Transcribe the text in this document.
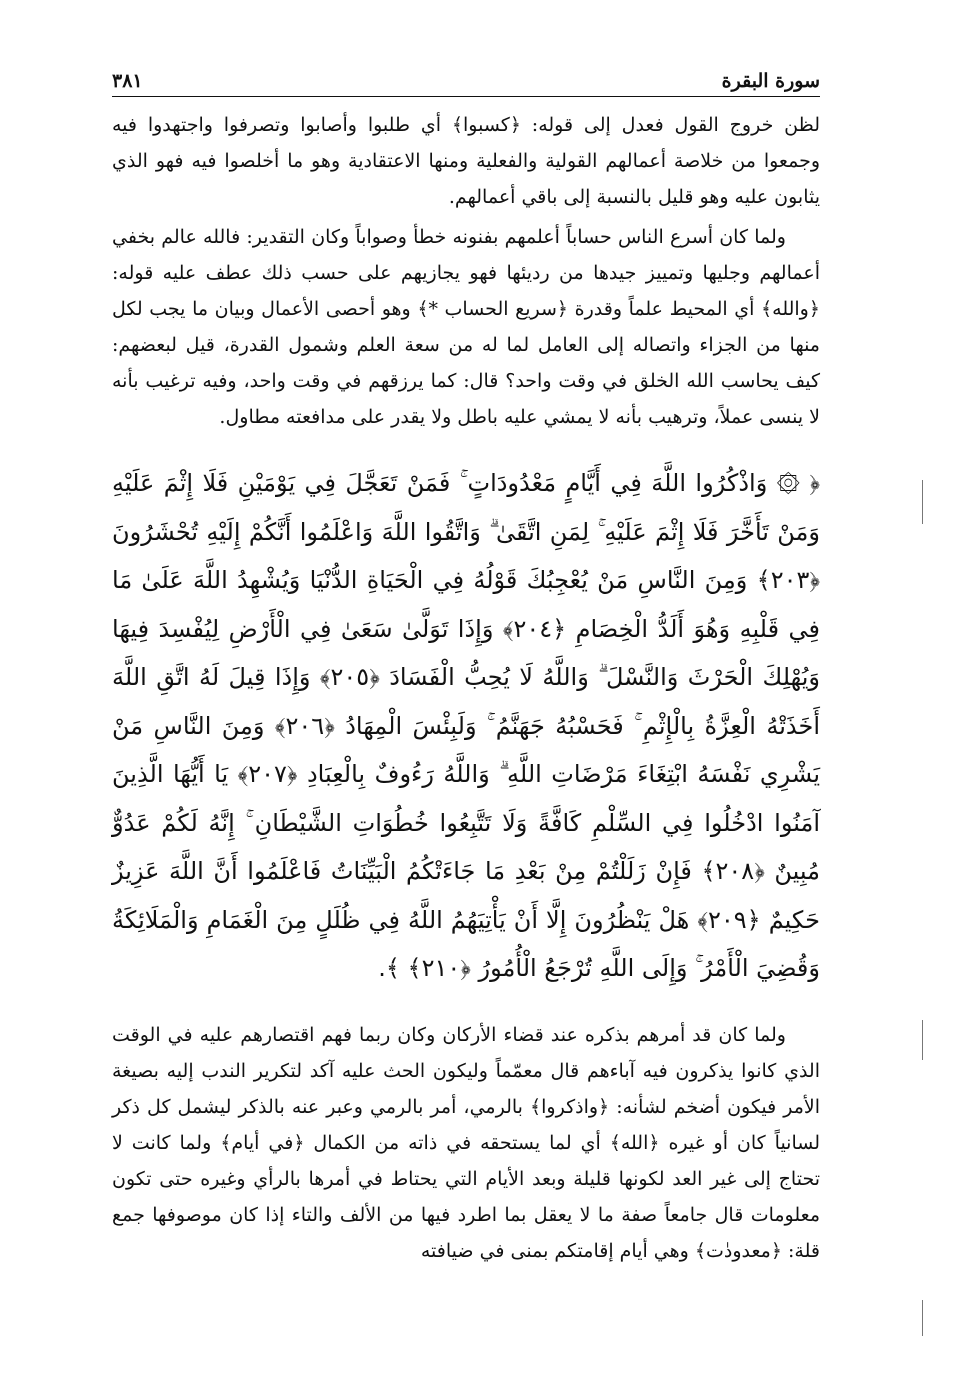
سورة البقرة
٣٨١

لظن خروج القول فعدل إلى قوله: ﴿كسبوا﴾ أي طلبوا وأصابوا وتصرفوا واجتهدوا فيه وجمعوا من خلاصة أعمالهم القولية والفعلية ومنها الاعتقادية وهو ما أخلصوا فيه فهو الذي يثابون عليه وهو قليل بالنسبة إلى باقي أعمالهم.

ولما كان أسرع الناس حساباً أعلمهم بفنونه خطأ وصواباً وكان التقدير: فالله عالم بخفي أعمالهم وجليها وتمييز جيدها من رديئها فهو يجازيهم على حسب ذلك عطف عليه قوله: ﴿والله﴾ أي المحيط علماً وقدرة ﴿سريع الحساب *﴾ وهو أحصى الأعمال وبيان ما يجب لكل منها من الجزاء واتصاله إلى العامل لما له من سعة العلم وشمول القدرة، قيل لبعضهم: كيف يحاسب الله الخلق في وقت واحد؟ قال: كما يرزقهم في وقت واحد، وفيه ترغيب بأنه لا ينسى عملاً، وترهيب بأنه لا يمشي عليه باطل ولا يقدر على مدافعته مطاول.

﴿ ۞ وَاذْكُرُوا اللَّهَ فِي أَيَّامٍ مَعْدُودَاتٍ ۚ فَمَنْ تَعَجَّلَ فِي يَوْمَيْنِ فَلَا إِثْمَ عَلَيْهِ وَمَنْ تَأَخَّرَ فَلَا إِثْمَ عَلَيْهِ ۚ لِمَنِ اتَّقَىٰ ۗ وَاتَّقُوا اللَّهَ وَاعْلَمُوا أَنَّكُمْ إِلَيْهِ تُحْشَرُونَ ﴿٢٠٣﴾ وَمِنَ النَّاسِ مَنْ يُعْجِبُكَ قَوْلُهُ فِي الْحَيَاةِ الدُّنْيَا وَيُشْهِدُ اللَّهَ عَلَىٰ مَا فِي قَلْبِهِ وَهُوَ أَلَدُّ الْخِصَامِ ﴿٢٠٤﴾ وَإِذَا تَوَلَّىٰ سَعَىٰ فِي الْأَرْضِ لِيُفْسِدَ فِيهَا وَيُهْلِكَ الْحَرْثَ وَالنَّسْلَ ۗ وَاللَّهُ لَا يُحِبُّ الْفَسَادَ ﴿٢٠٥﴾ وَإِذَا قِيلَ لَهُ اتَّقِ اللَّهَ أَخَذَتْهُ الْعِزَّةُ بِالْإِثْمِ ۚ فَحَسْبُهُ جَهَنَّمُ ۚ وَلَبِئْسَ الْمِهَادُ ﴿٢٠٦﴾ وَمِنَ النَّاسِ مَنْ يَشْرِي نَفْسَهُ ابْتِغَاءَ مَرْضَاتِ اللَّهِ ۗ وَاللَّهُ رَءُوفٌ بِالْعِبَادِ ﴿٢٠٧﴾ يَا أَيُّهَا الَّذِينَ آمَنُوا ادْخُلُوا فِي السِّلْمِ كَافَّةً وَلَا تَتَّبِعُوا خُطُوَاتِ الشَّيْطَانِ ۚ إِنَّهُ لَكُمْ عَدُوٌّ مُبِينٌ ﴿٢٠٨﴾ فَإِنْ زَلَلْتُمْ مِنْ بَعْدِ مَا جَاءَتْكُمُ الْبَيِّنَاتُ فَاعْلَمُوا أَنَّ اللَّهَ عَزِيزٌ حَكِيمٌ ﴿٢٠٩﴾ هَلْ يَنْظُرُونَ إِلَّا أَنْ يَأْتِيَهُمُ اللَّهُ فِي ظُلَلٍ مِنَ الْغَمَامِ وَالْمَلَائِكَةُ وَقُضِيَ الْأَمْرُ ۚ وَإِلَى اللَّهِ تُرْجَعُ الْأُمُورُ ﴿٢١٠﴾ ﴾.

ولما كان قد أمرهم بذكره عند قضاء الأركان وكان ربما فهم اقتصارهم عليه في الوقت الذي كانوا يذكرون فيه آباءهم قال معمّماً وليكون الحث عليه آكد لتكرير الندب إليه بصيغة الأمر فيكون أضخم لشأنه: ﴿واذكروا﴾ بالرمي، أمر بالرمي وعبر عنه بالذكر ليشمل كل ذكر لسانياً كان أو غيره ﴿الله﴾ أي لما يستحقه في ذاته من الكمال ﴿في أيام﴾ ولما كانت لا تحتاج إلى غير العد لكونها قليلة وبعد الأيام التي يحتاط في أمرها بالرأي وغيره حتى تكون معلومات قال جامعاً صفة ما لا يعقل بما اطرد فيها من الألف والتاء إذا كان موصوفها جمع قلة: ﴿معدودٰت﴾ وهي أيام إقامتكم بمنى في ضيافته
